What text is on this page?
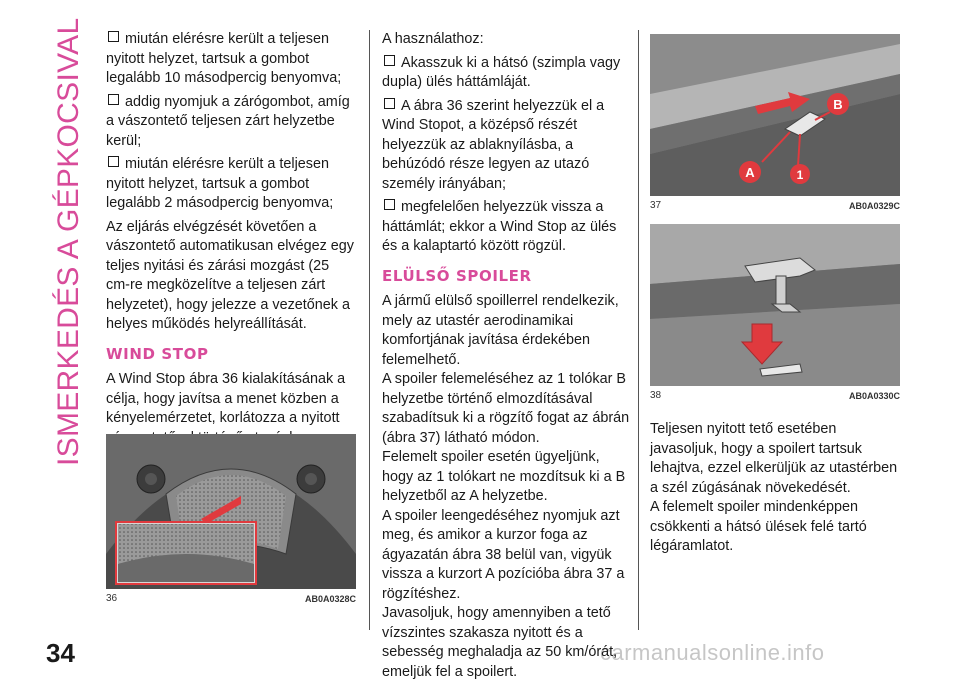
ISMERKEDÉS A GÉPKOCSIVAL
34	carmanualsonline.info

miután elérésre került a teljesen nyitott helyzet, tartsuk a gombot legalább 10 másodpercig benyomva;

addig nyomjuk a zárógombot, amíg a vászontető teljesen zárt helyzetbe kerül;

miután elérésre került a teljesen nyitott helyzet, tartsuk a gombot legalább 2 másodpercig benyomva;

Az eljárás elvégzését követően a vászontető automatikusan elvégez egy teljes nyitási és zárási mozgást (25 cm-re megközelítve a teljesen zárt helyzetet), hogy jelezze a vezetőnek a helyes működés helyreállítását.

WIND STOP

A Wind Stop ábra 36 kialakításának a célja, hogy javítsa a menet közben a kényelemérzetet, korlátozza a nyitott

A használathoz:

Akasszuk ki a hátsó (szimpla vagy dupla) ülés háttámláját.

A ábra 36 szerint helyezzük el a Wind Stopot, a középső részét helyezzük az ablaknyílásba, a behúzódó része legyen az utazó személy irányában;

megfelelően helyezzük vissza a háttámlát; ekkor a Wind Stop az ülés és a kalaptartó között rögzül.

ELÜLSŐ SPOILER

A jármű elülső spoillerrel rendelkezik, mely az utastér aerodinamikai komfortjának javítása érdekében felemelhető.

A spoiler felemeléséhez az 1 tolókar B helyzetbe történő elmozdításával szabadítsuk ki a rögzítő fogat az ábrán (ábra 37) látható módon.

Felemelt spoiler esetén ügyeljünk, hogy az 1 tolókart ne mozdítsuk ki a B helyzetből az A helyzetbe.

A spoiler leengedéséhez nyomjuk azt meg, és amikor a kurzor foga az ágyazatán ábra 38 belül van, vigyük vissza a kurzort A pozícióba ábra 37 a rögzítéshez.

Javasoljuk, hogy amennyiben a tető vízszintes szakasza nyitott és a sebesség meghaladja az 50 km/órát, emeljük fel a spoilert.

Teljesen nyitott tető esetében javasoljuk, hogy a spoilert tartsuk lehajtva, ezzel elkerüljük az utastérben a szél zúgásának növekedését.

A felemelt spoiler mindenképpen csökkenti a hátsó ülések felé tartó légáramlatot.

36	AB0A0328C
A
B
1
37	AB0A0329C
38	AB0A0330C
